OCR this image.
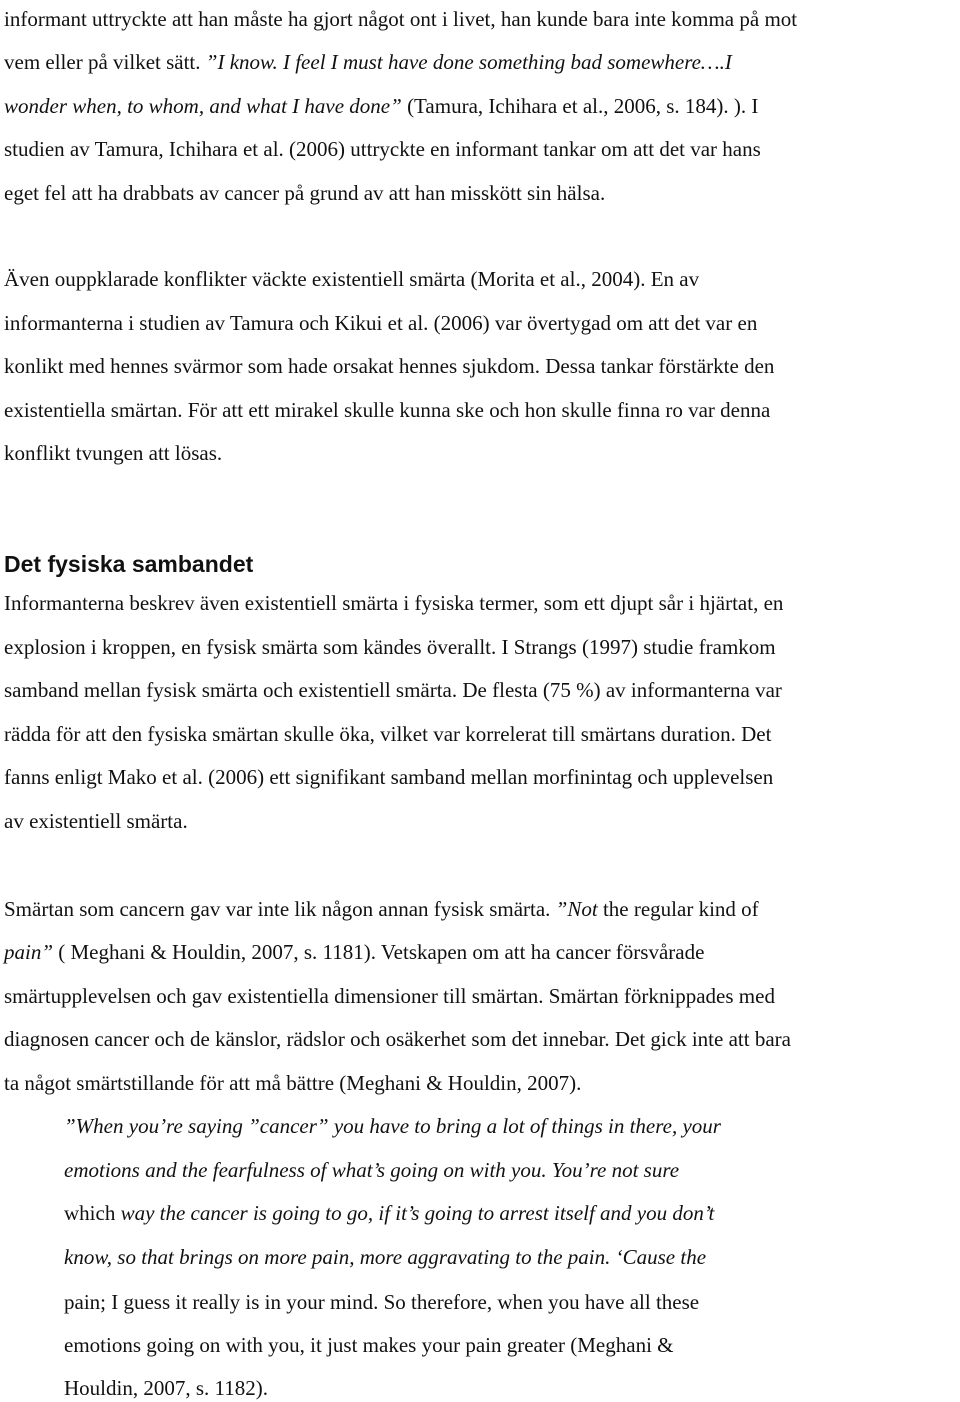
informant uttryckte att han måste ha gjort något ont i livet, han kunde bara inte komma på mot
vem eller på vilket sätt. ”I know. I feel I must have done something bad somewhere….I
wonder when, to whom, and what I have done” (Tamura, Ichihara et al., 2006, s. 184). ). I
studien av Tamura, Ichihara et al. (2006) uttryckte en informant tankar om att det var hans
eget fel att ha drabbats av cancer på grund av att han misskött sin hälsa.
Även ouppklarade konflikter väckte existentiell smärta (Morita et al., 2004). En av
informanterna i studien av Tamura och Kikui et al. (2006) var övertygad om att det var en
konlikt med hennes svärmor som hade orsakat hennes sjukdom. Dessa tankar förstärkte den
existentiella smärtan. För att ett mirakel skulle kunna ske och hon skulle finna ro var denna
konflikt tvungen att lösas.
Det fysiska sambandet
Informanterna beskrev även existentiell smärta i fysiska termer, som ett djupt sår i hjärtat, en
explosion i kroppen, en fysisk smärta som kändes överallt. I Strangs (1997) studie framkom
samband mellan fysisk smärta och existentiell smärta. De flesta (75 %) av informanterna var
rädda för att den fysiska smärtan skulle öka, vilket var korrelerat till smärtans duration. Det
fanns enligt Mako et al. (2006) ett signifikant samband mellan morfinintag och upplevelsen
av existentiell smärta.
Smärtan som cancern gav var inte lik någon annan fysisk smärta. ”Not the regular kind of
pain” ( Meghani & Houldin, 2007, s. 1181). Vetskapen om att ha cancer försvårade
smärtupplevelsen och gav existentiella dimensioner till smärtan. Smärtan förknippades med
diagnosen cancer och de känslor, rädslor och osäkerhet som det innebar. Det gick inte att bara
ta något smärtstillande för att må bättre (Meghani & Houldin, 2007).
”When you’re saying ”cancer” you have to bring a lot of things in there, your
emotions and the fearfulness of what’s going on with you. You’re not sure
which way the cancer is going to go, if it’s going to arrest itself and you don’t
know, so that brings on more pain, more aggravating to the pain. ‘Cause the
pain; I guess it really is in your mind. So therefore, when you have all these
emotions going on with you, it just makes your pain greater (Meghani &
Houldin, 2007, s. 1182).
